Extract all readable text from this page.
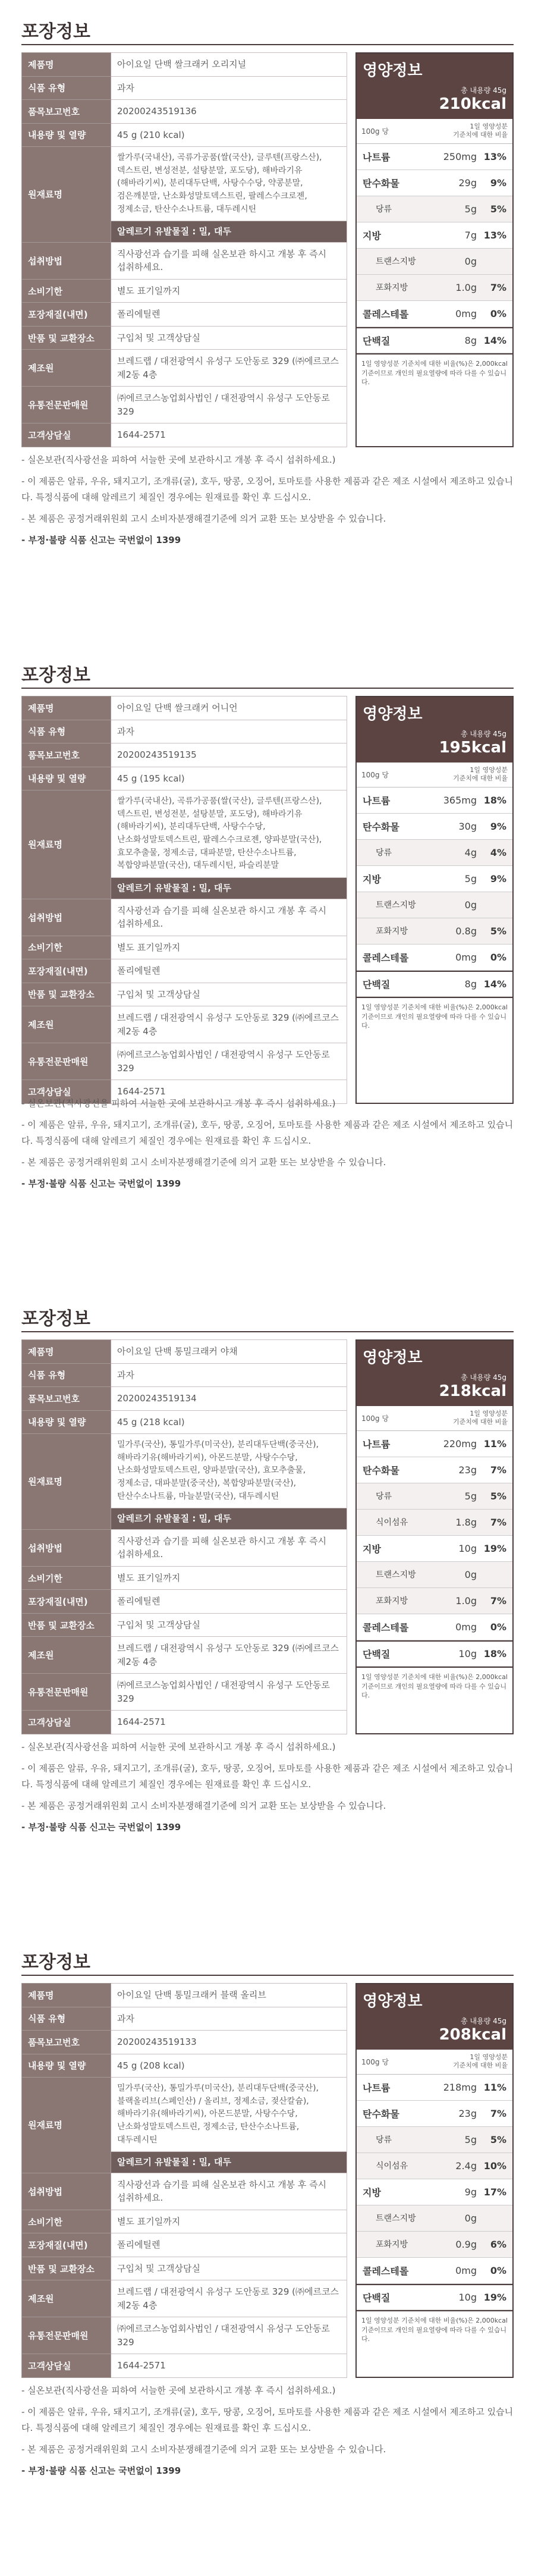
포장정보
제품명	아이요일 단백 쌀크래커 오리지널
식품 유형	과자
품목보고번호	20200243519136
내용량 및 열량	45 g (210 kcal)
원재료명	쌀가루(국내산), 곡류가공품(쌀(국산), 글루텐(프랑스산), 덱스트린, 변성전분, 설탕분말, 포도당), 해바라기유(해바라기씨), 분리대두단백, 사탕수수당, 약콩분말, 검은깨분말, 난소화성말토덱스트린, 팔레스수크로젠, 정제소금, 탄산수소나트륨, 대두레시틴
	알레르기 유발물질 : 밀, 대두
섭취방법	직사광선과 습기를 피해 실온보관 하시고 개봉 후 즉시 섭취하세요.
소비기한	별도 표기일까지
포장재질(내면)	폴리에틸렌
반품 및 교환장소	구입처 및 고객상담실
제조원	브레드랩 / 대전광역시 유성구 도안동로 329 (㈜에르코스 제2동 4층
유통전문판매원	㈜에르코스농업회사법인 / 대전광역시 유성구 도안동로 329
고객상담실	1644-2571
영양정보
총 내용량 45g
210kcal
100g 당
1일 영양성분
기준치에 대한 비율
나트륨	250mg 13%
탄수화물	29g	9%
당류	5g	5%
지방	7g 13%
트랜스지방	0g
포화지방	1.0g	7%
콜레스테롤	0mg	0%
단백질	8g 14%
1일 영양성분 기준치에 대한 비율(%)은 2,000kcal 기준이므로 개인의 필요열량에 따라 다를 수 있습니다.

- 실온보관(직사광선을 피하여 서늘한 곳에 보관하시고 개봉 후 즉시 섭취하세요.)

- 이 제품은 알류, 우유, 돼지고기, 조개류(굴), 호두, 땅콩, 오징어, 토마토를 사용한 제품과 같은 제조 시설에서 제조하고 있습니다. 특정식품에 대해 알레르기 체질인 경우에는 원재료를 확인 후 드십시오.

- 본 제품은 공정거래위원회 고시 소비자분쟁해결기준에 의거 교환 또는 보상받을 수 있습니다.

- 부정·불량 식품 신고는 국번없이 1399

포장정보
제품명	아이요일 단백 쌀크래커 어니언
식품 유형	과자
품목보고번호	20200243519135
내용량 및 열량	45 g (195 kcal)
원재료명	쌀가루(국내산), 곡류가공품(쌀(국산), 글루텐(프랑스산), 덱스트린, 변성전분, 설탕분말, 포도당), 해바라기유(해바라기씨), 분리대두단백, 사탕수수당, 난소화성말토덱스트린, 팔레스수크로젠, 양파분말(국산), 효모추출물, 정제소금, 대파분말, 탄산수소나트륨, 복합양파분말(국산), 대두레시틴, 파슬리분말
	알레르기 유발물질 : 밀, 대두
섭취방법	직사광선과 습기를 피해 실온보관 하시고 개봉 후 즉시 섭취하세요.
소비기한	별도 표기일까지
포장재질(내면)	폴리에틸렌
반품 및 교환장소	구입처 및 고객상담실
제조원	브레드랩 / 대전광역시 유성구 도안동로 329 (㈜에르코스 제2동 4층
유통전문판매원	㈜에르코스농업회사법인 / 대전광역시 유성구 도안동로 329
고객상담실	1644-2571
영양정보
총 내용량 45g
195kcal
100g 당
1일 영양성분
기준치에 대한 비율
나트륨	365mg 18%
탄수화물	30g	9%
당류	4g	4%
지방	5g	9%
트랜스지방	0g
포화지방	0.8g	5%
콜레스테롤	0mg	0%
단백질	8g 14%
1일 영양성분 기준치에 대한 비율(%)은 2,000kcal 기준이므로 개인의 필요열량에 따라 다를 수 있습니다.

- 실온보관(직사광선을 피하여 서늘한 곳에 보관하시고 개봉 후 즉시 섭취하세요.)

- 이 제품은 알류, 우유, 돼지고기, 조개류(굴), 호두, 땅콩, 오징어, 토마토를 사용한 제품과 같은 제조 시설에서 제조하고 있습니다. 특정식품에 대해 알레르기 체질인 경우에는 원재료를 확인 후 드십시오.

- 본 제품은 공정거래위원회 고시 소비자분쟁해결기준에 의거 교환 또는 보상받을 수 있습니다.

- 부정·불량 식품 신고는 국번없이 1399

포장정보
제품명	아이요일 단백 통밀크래커 야채
식품 유형	과자
품목보고번호	20200243519134
내용량 및 열량	45 g (218 kcal)
원재료명	밀가루(국산), 통밀가루(미국산), 분리대두단백(중국산), 해바라기유(해바라기씨), 아몬드분말, 사탕수수당, 난소화성말토덱스트린, 양파분말(국산), 효모추출물, 정제소금, 대파분말(중국산), 복합양파분말(국산), 탄산수소나트륨, 마늘분말(국산), 대두레시틴
	알레르기 유발물질 : 밀, 대두
섭취방법	직사광선과 습기를 피해 실온보관 하시고 개봉 후 즉시 섭취하세요.
소비기한	별도 표기일까지
포장재질(내면)	폴리에틸렌
반품 및 교환장소	구입처 및 고객상담실
제조원	브레드랩 / 대전광역시 유성구 도안동로 329 (㈜에르코스 제2동 4층
유통전문판매원	㈜에르코스농업회사법인 / 대전광역시 유성구 도안동로 329
고객상담실	1644-2571
영양정보
총 내용량 45g
218kcal
100g 당
1일 영양성분
기준치에 대한 비율
나트륨	220mg 11%
탄수화물	23g	7%
당류	5g	5%
식이섬유	1.8g	7%
지방	10g 19%
트랜스지방	0g
포화지방	1.0g	7%
콜레스테롤	0mg	0%
단백질	10g 18%
1일 영양성분 기준치에 대한 비율(%)은 2,000kcal 기준이므로 개인의 필요열량에 따라 다를 수 있습니다.

- 실온보관(직사광선을 피하여 서늘한 곳에 보관하시고 개봉 후 즉시 섭취하세요.)

- 이 제품은 알류, 우유, 돼지고기, 조개류(굴), 호두, 땅콩, 오징어, 토마토를 사용한 제품과 같은 제조 시설에서 제조하고 있습니다. 특정식품에 대해 알레르기 체질인 경우에는 원재료를 확인 후 드십시오.

- 본 제품은 공정거래위원회 고시 소비자분쟁해결기준에 의거 교환 또는 보상받을 수 있습니다.

- 부정·불량 식품 신고는 국번없이 1399

포장정보
제품명	아이요일 단백 통밀크래커 블랙 올리브
식품 유형	과자
품목보고번호	20200243519133
내용량 및 열량	45 g (208 kcal)
원재료명	밀가루(국산), 통밀가루(미국산), 분리대두단백(중국산), 블랙올리브(스페인산) / 올리브, 정제소금, 젖산칼슘), 해바라기유(해바라기씨), 아몬드분말, 사탕수수당, 난소화성말토덱스트린, 정제소금, 탄산수소나트륨, 대두레시틴
	알레르기 유발물질 : 밀, 대두
섭취방법	직사광선과 습기를 피해 실온보관 하시고 개봉 후 즉시 섭취하세요.
소비기한	별도 표기일까지
포장재질(내면)	폴리에틸렌
반품 및 교환장소	구입처 및 고객상담실
제조원	브레드랩 / 대전광역시 유성구 도안동로 329 (㈜에르코스 제2동 4층
유통전문판매원	㈜에르코스농업회사법인 / 대전광역시 유성구 도안동로 329
고객상담실	1644-2571
영양정보
총 내용량 45g
208kcal
100g 당
1일 영양성분
기준치에 대한 비율
나트륨	218mg 11%
탄수화물	23g	7%
당류	5g	5%
식이섬유	2.4g 10%
지방	9g 17%
트랜스지방	0g
포화지방	0.9g	6%
콜레스테롤	0mg	0%
단백질	10g 19%
1일 영양성분 기준치에 대한 비율(%)은 2,000kcal 기준이므로 개인의 필요열량에 따라 다를 수 있습니다.

- 실온보관(직사광선을 피하여 서늘한 곳에 보관하시고 개봉 후 즉시 섭취하세요.)

- 이 제품은 알류, 우유, 돼지고기, 조개류(굴), 호두, 땅콩, 오징어, 토마토를 사용한 제품과 같은 제조 시설에서 제조하고 있습니다. 특정식품에 대해 알레르기 체질인 경우에는 원재료를 확인 후 드십시오.

- 본 제품은 공정거래위원회 고시 소비자분쟁해결기준에 의거 교환 또는 보상받을 수 있습니다.

- 부정·불량 식품 신고는 국번없이 1399
